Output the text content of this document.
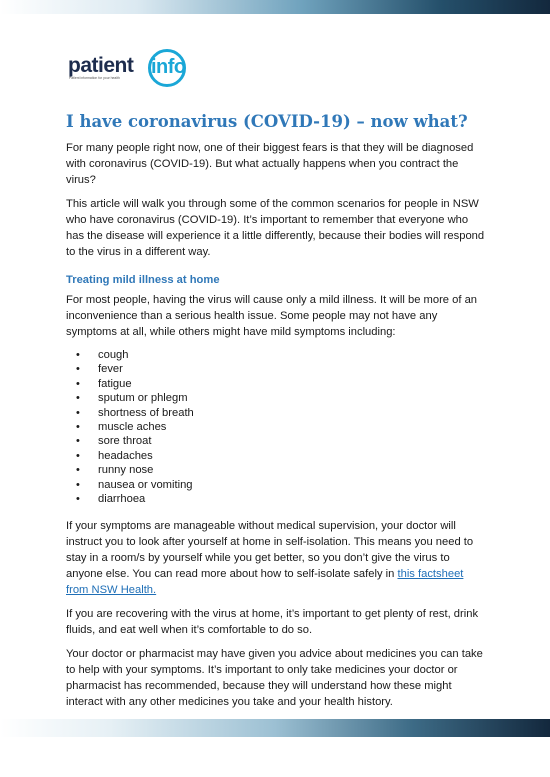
patient
Patient information for your health info
I have coronavirus (COVID-19) – now what?

For many people right now, one of their biggest fears is that they will be diagnosed with coronavirus (COVID-19). But what actually happens when you contract the virus?

This article will walk you through some of the common scenarios for people in NSW who have coronavirus (COVID-19). It’s important to remember that everyone who has the disease will experience it a little differently, because their bodies will respond to the virus in a different way.

Treating mild illness at home

For most people, having the virus will cause only a mild illness. It will be more of an inconvenience than a serious health issue. Some people may not have any symptoms at all, while others might have mild symptoms including:

• cough
• fever
• fatigue
• sputum or phlegm
• shortness of breath
• muscle aches
• sore throat
• headaches
• runny nose
• nausea or vomiting
• diarrhoea

If your symptoms are manageable without medical supervision, your doctor will instruct you to look after yourself at home in self-isolation. This means you need to stay in a room/s by yourself while you get better, so you don’t give the virus to anyone else. You can read more about how to self-isolate safely in this factsheet from NSW Health.

If you are recovering with the virus at home, it’s important to get plenty of rest, drink fluids, and eat well when it’s comfortable to do so.

Your doctor or pharmacist may have given you advice about medicines you can take to help with your symptoms. It’s important to only take medicines your doctor or pharmacist has recommended, because they will understand how these might interact with any other medicines you take and your health history.
